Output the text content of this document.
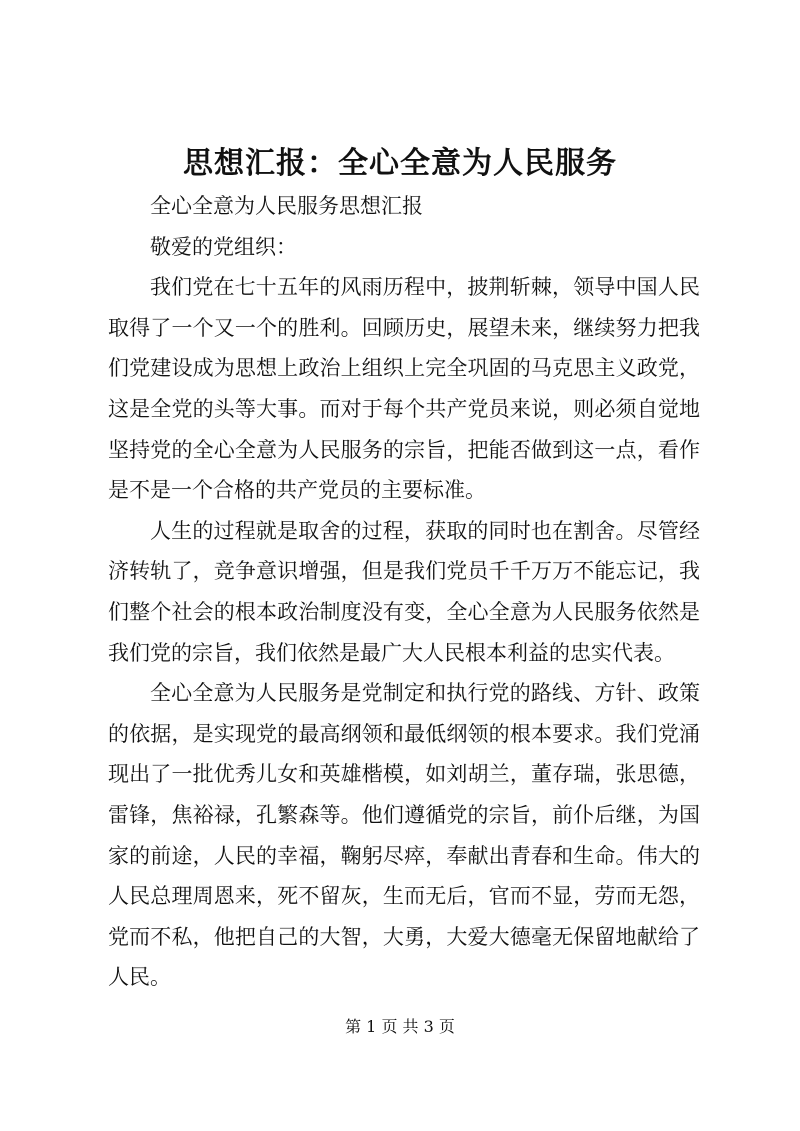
思想汇报：全心全意为人民服务

全心全意为人民服务思想汇报

敬爱的党组织：

我们党在七十五年的风雨历程中，披荆斩棘，领导中国人民取得了一个又一个的胜利。回顾历史，展望未来，继续努力把我们党建设成为思想上政治上组织上完全巩固的马克思主义政党，这是全党的头等大事。而对于每个共产党员来说，则必须自觉地坚持党的全心全意为人民服务的宗旨，把能否做到这一点，看作是不是一个合格的共产党员的主要标准。

人生的过程就是取舍的过程，获取的同时也在割舍。尽管经济转轨了，竞争意识增强，但是我们党员千千万万不能忘记，我们整个社会的根本政治制度没有变，全心全意为人民服务依然是我们党的宗旨，我们依然是最广大人民根本利益的忠实代表。

全心全意为人民服务是党制定和执行党的路线、方针、政策的依据，是实现党的最高纲领和最低纲领的根本要求。我们党涌现出了一批优秀儿女和英雄楷模，如刘胡兰，董存瑞，张思德，雷锋，焦裕禄，孔繁森等。他们遵循党的宗旨，前仆后继，为国家的前途，人民的幸福，鞠躬尽瘁，奉献出青春和生命。伟大的人民总理周恩来，死不留灰，生而无后，官而不显，劳而无怨，党而不私，他把自己的大智，大勇，大爱大德毫无保留地献给了人民。

第 1 页 共 3 页
